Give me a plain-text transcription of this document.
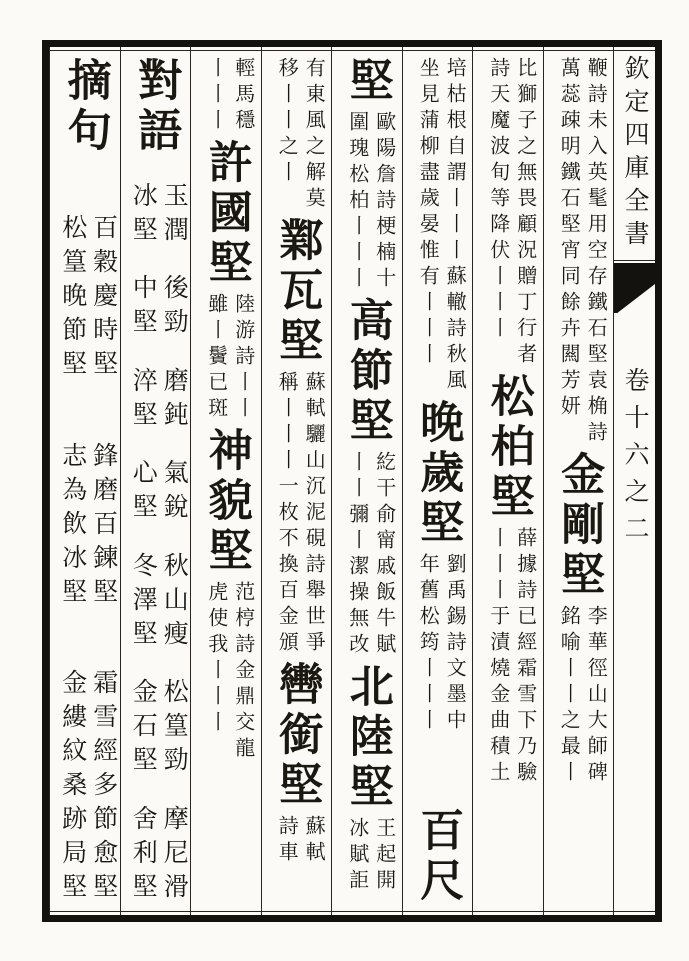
欽定四庫全書
卷十六之二
鞭詩未入英髦用空存鐵石堅袁桷詩
萬蕊疎明鐵石堅宵同餘卉闗芳妍
金剛堅
李華徑山大師碑
銘喻丨丨之最丨
比獅子之無畏顧況贈丁行者
詩天魔波旬等降伏丨丨丨
松柏堅
薛據詩已經霜雪下乃驗
丨丨丨于漬燒金曲積土
培枯根自謂丨丨丨蘇轍詩秋風
坐見蒲柳盡歲晏惟有丨丨丨
晚歲堅
劉禹錫詩文墨中
年舊松筠丨丨丨
百尺
堅
歐陽詹詩梗楠十
圍瑰松柏丨丨丨
高節堅
紇干俞甯戚飯牛賦
丨丨彌丨潔操無改
北陸堅
王起開
冰賦詎
有東風之解莫
移丨丨之丨
鄴瓦堅
蘇軾驪山沉泥硯詩舉世爭
稱丨丨丨一枚不換百金頒
轡銜堅
蘇軾
詩車
輕馬穩
丨丨丨
許國堅
陸游詩丨丨
雖丨鬢已斑
神貌堅
范梈詩金鼎交龍
虎使我丨丨丨
對語
玉潤
冰堅
後勁
中堅
磨鈍
淬堅
氣銳
心堅
秋山瘦
冬澤堅
松篁勁
金石堅
摩尼滑
舍利堅
摘句
百穀慶時堅
松篁晚節堅
鋒磨百鍊堅
志為飲冰堅
霜雪經多節愈堅
金縷紋桑跡局堅
